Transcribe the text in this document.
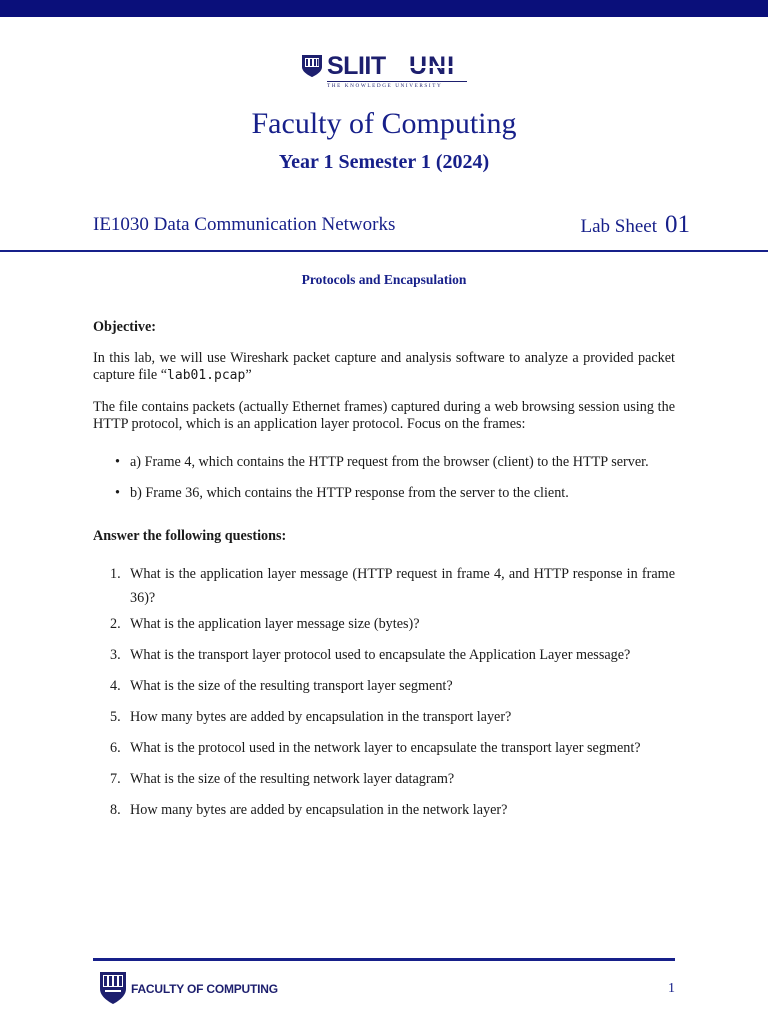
SLIIT UNI
THE KNOWLEDGE UNIVERSITY
Faculty of Computing
Year 1 Semester 1 (2024)
IE1030 Data Communication Networks	Lab Sheet 01
Protocols and Encapsulation
Objective:

In this lab, we will use Wireshark packet capture and analysis software to analyze a provided packet capture file “lab01.pcap”

The file contains packets (actually Ethernet frames) captured during a web browsing session using the HTTP protocol, which is an application layer protocol. Focus on the frames:

• a) Frame 4, which contains the HTTP request from the browser (client) to the HTTP server.
• b) Frame 36, which contains the HTTP response from the server to the client.
Answer the following questions:
1. What is the application layer message (HTTP request in frame 4, and HTTP response in frame 36)?
2. What is the application layer message size (bytes)?
3. What is the transport layer protocol used to encapsulate the Application Layer message?
4. What is the size of the resulting transport layer segment?
5. How many bytes are added by encapsulation in the transport layer?
6. What is the protocol used in the network layer to encapsulate the transport layer segment?
7. What is the size of the resulting network layer datagram?
8. How many bytes are added by encapsulation in the network layer?
FACULTY OF COMPUTING	1
